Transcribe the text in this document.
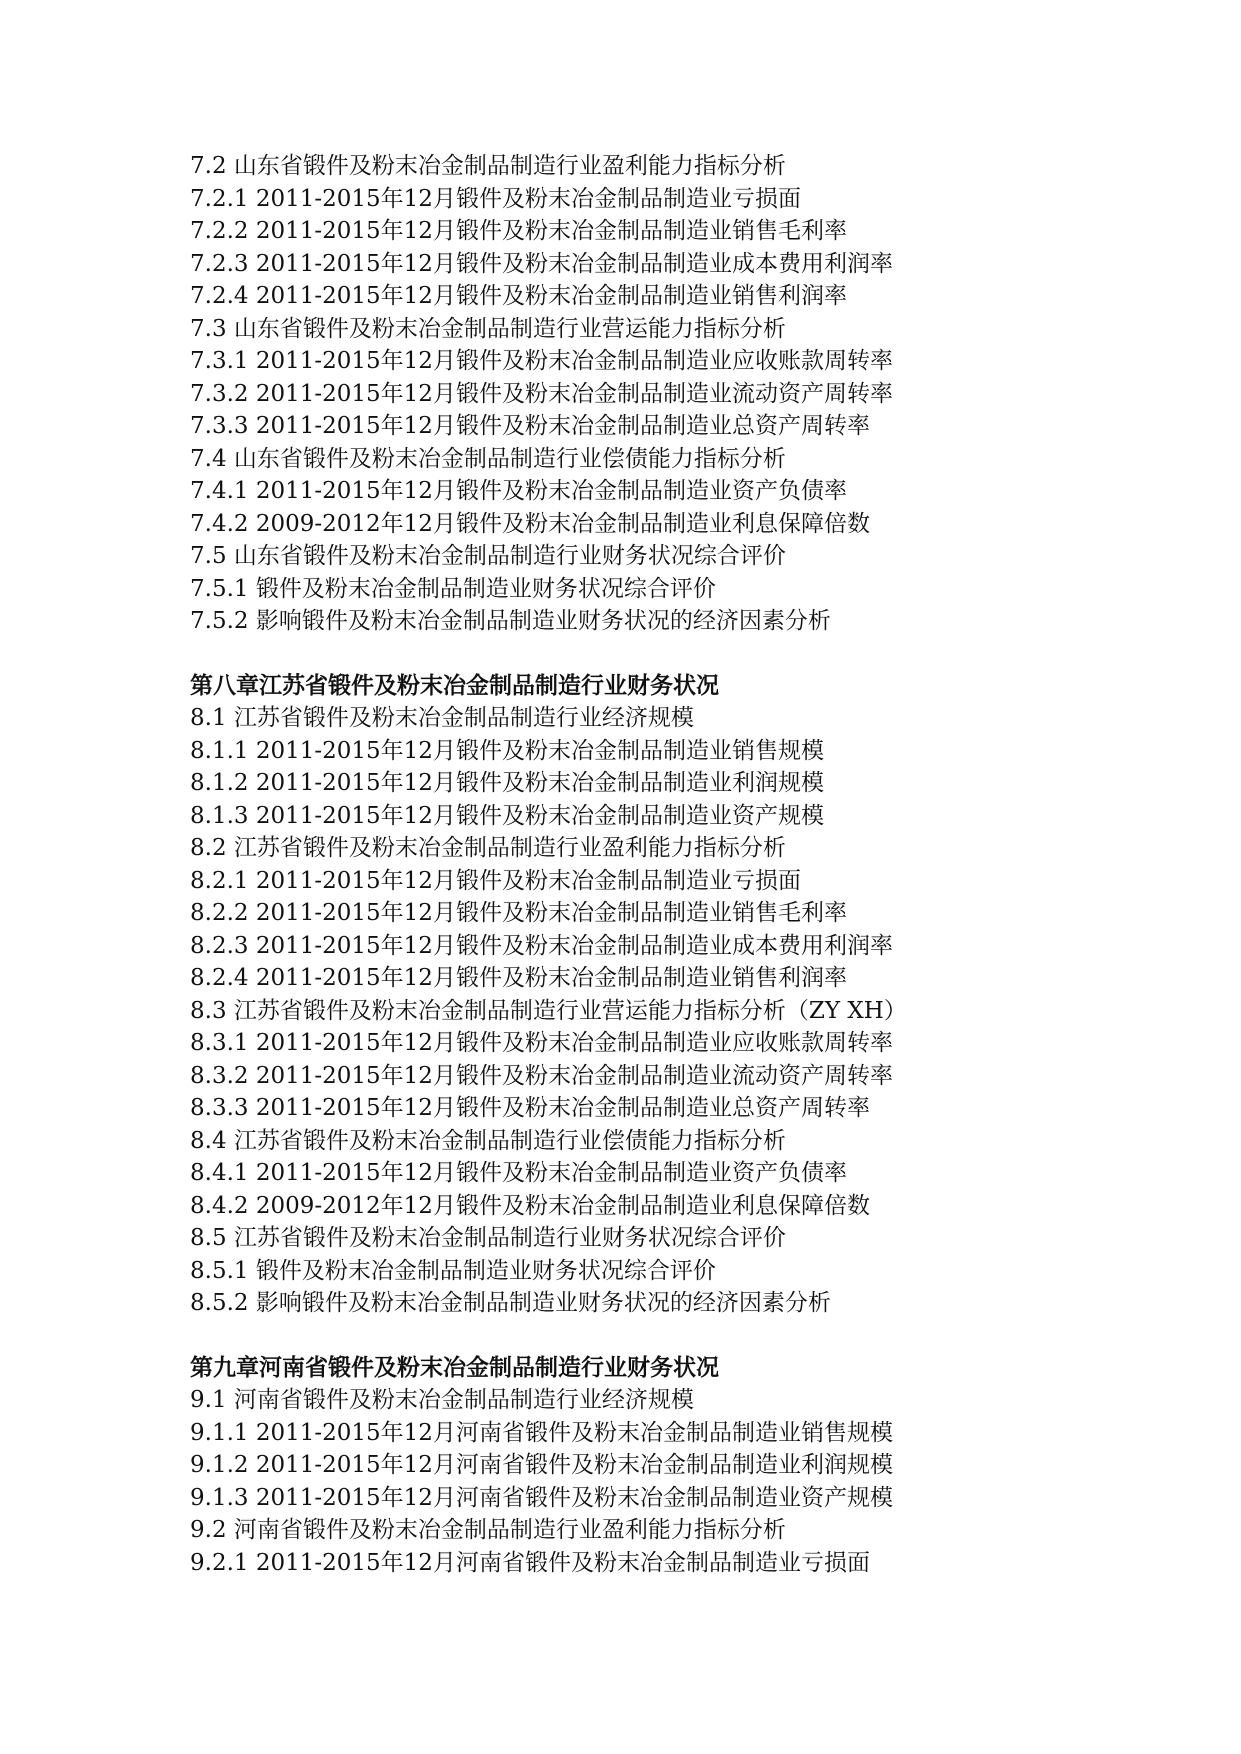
7.2 山东省锻件及粉末冶金制品制造行业盈利能力指标分析
7.2.1 2011-2015年12月锻件及粉末冶金制品制造业亏损面
7.2.2 2011-2015年12月锻件及粉末冶金制品制造业销售毛利率
7.2.3 2011-2015年12月锻件及粉末冶金制品制造业成本费用利润率
7.2.4 2011-2015年12月锻件及粉末冶金制品制造业销售利润率
7.3 山东省锻件及粉末冶金制品制造行业营运能力指标分析
7.3.1 2011-2015年12月锻件及粉末冶金制品制造业应收账款周转率
7.3.2 2011-2015年12月锻件及粉末冶金制品制造业流动资产周转率
7.3.3 2011-2015年12月锻件及粉末冶金制品制造业总资产周转率
7.4 山东省锻件及粉末冶金制品制造行业偿债能力指标分析
7.4.1 2011-2015年12月锻件及粉末冶金制品制造业资产负债率
7.4.2 2009-2012年12月锻件及粉末冶金制品制造业利息保障倍数
7.5 山东省锻件及粉末冶金制品制造行业财务状况综合评价
7.5.1 锻件及粉末冶金制品制造业财务状况综合评价
7.5.2 影响锻件及粉末冶金制品制造业财务状况的经济因素分析
第八章江苏省锻件及粉末冶金制品制造行业财务状况
8.1 江苏省锻件及粉末冶金制品制造行业经济规模
8.1.1 2011-2015年12月锻件及粉末冶金制品制造业销售规模
8.1.2 2011-2015年12月锻件及粉末冶金制品制造业利润规模
8.1.3 2011-2015年12月锻件及粉末冶金制品制造业资产规模
8.2 江苏省锻件及粉末冶金制品制造行业盈利能力指标分析
8.2.1 2011-2015年12月锻件及粉末冶金制品制造业亏损面
8.2.2 2011-2015年12月锻件及粉末冶金制品制造业销售毛利率
8.2.3 2011-2015年12月锻件及粉末冶金制品制造业成本费用利润率
8.2.4 2011-2015年12月锻件及粉末冶金制品制造业销售利润率
8.3 江苏省锻件及粉末冶金制品制造行业营运能力指标分析（ZY XH）
8.3.1 2011-2015年12月锻件及粉末冶金制品制造业应收账款周转率
8.3.2 2011-2015年12月锻件及粉末冶金制品制造业流动资产周转率
8.3.3 2011-2015年12月锻件及粉末冶金制品制造业总资产周转率
8.4 江苏省锻件及粉末冶金制品制造行业偿债能力指标分析
8.4.1 2011-2015年12月锻件及粉末冶金制品制造业资产负债率
8.4.2 2009-2012年12月锻件及粉末冶金制品制造业利息保障倍数
8.5 江苏省锻件及粉末冶金制品制造行业财务状况综合评价
8.5.1 锻件及粉末冶金制品制造业财务状况综合评价
8.5.2 影响锻件及粉末冶金制品制造业财务状况的经济因素分析
第九章河南省锻件及粉末冶金制品制造行业财务状况
9.1 河南省锻件及粉末冶金制品制造行业经济规模
9.1.1 2011-2015年12月河南省锻件及粉末冶金制品制造业销售规模
9.1.2 2011-2015年12月河南省锻件及粉末冶金制品制造业利润规模
9.1.3 2011-2015年12月河南省锻件及粉末冶金制品制造业资产规模
9.2 河南省锻件及粉末冶金制品制造行业盈利能力指标分析
9.2.1 2011-2015年12月河南省锻件及粉末冶金制品制造业亏损面
